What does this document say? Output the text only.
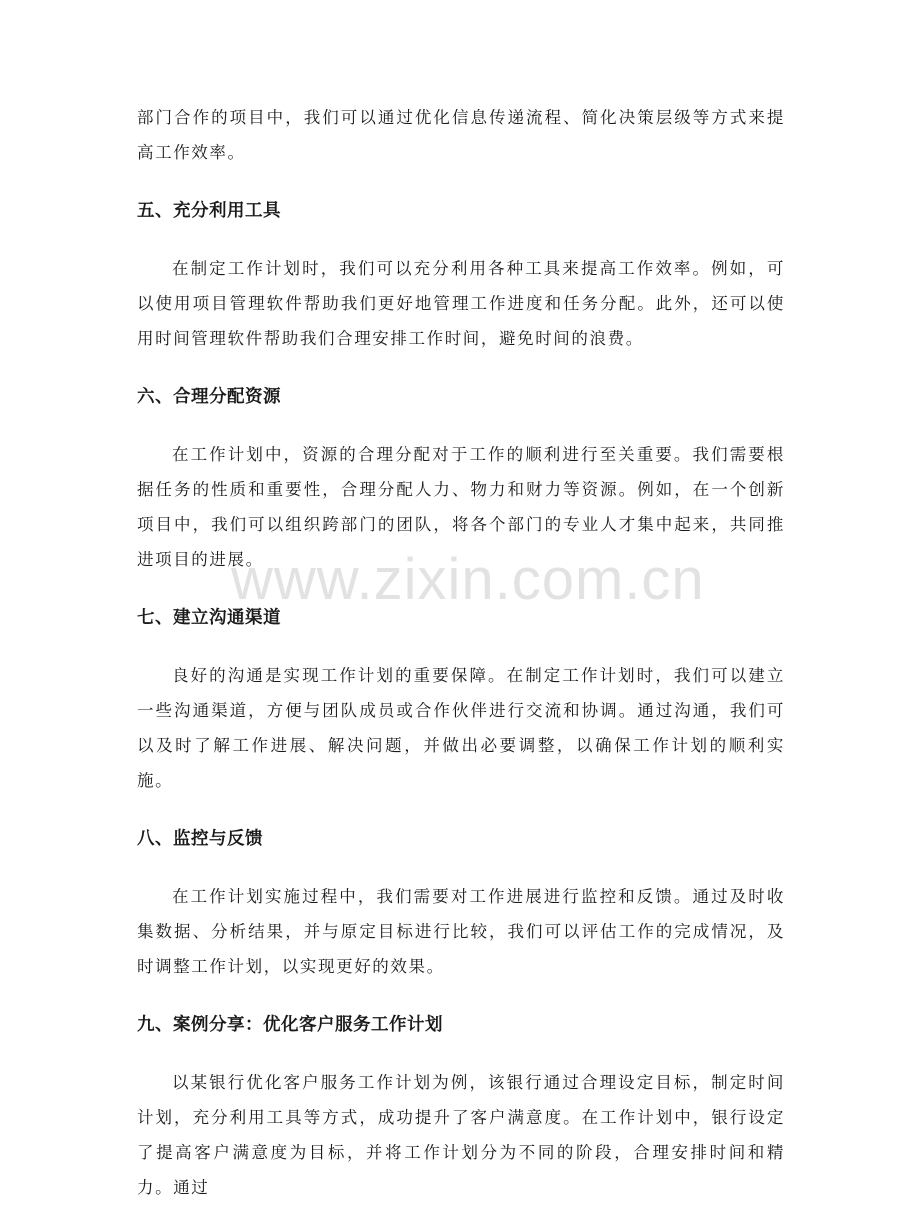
www.zixin.com.cn

部门合作的项目中，我们可以通过优化信息传递流程、简化决策层级等方式来提高工作效率。

五、充分利用工具

在制定工作计划时，我们可以充分利用各种工具来提高工作效率。例如，可以使用项目管理软件帮助我们更好地管理工作进度和任务分配。此外，还可以使用时间管理软件帮助我们合理安排工作时间，避免时间的浪费。

六、合理分配资源

在工作计划中，资源的合理分配对于工作的顺利进行至关重要。我们需要根据任务的性质和重要性，合理分配人力、物力和财力等资源。例如，在一个创新项目中，我们可以组织跨部门的团队，将各个部门的专业人才集中起来，共同推进项目的进展。

七、建立沟通渠道

良好的沟通是实现工作计划的重要保障。在制定工作计划时，我们可以建立一些沟通渠道，方便与团队成员或合作伙伴进行交流和协调。通过沟通，我们可以及时了解工作进展、解决问题，并做出必要调整，以确保工作计划的顺利实施。

八、监控与反馈

在工作计划实施过程中，我们需要对工作进展进行监控和反馈。通过及时收集数据、分析结果，并与原定目标进行比较，我们可以评估工作的完成情况，及时调整工作计划，以实现更好的效果。

九、案例分享：优化客户服务工作计划

以某银行优化客户服务工作计划为例，该银行通过合理设定目标，制定时间计划，充分利用工具等方式，成功提升了客户满意度。在工作计划中，银行设定了提高客户满意度为目标，并将工作计划分为不同的阶段，合理安排时间和精力。通过
